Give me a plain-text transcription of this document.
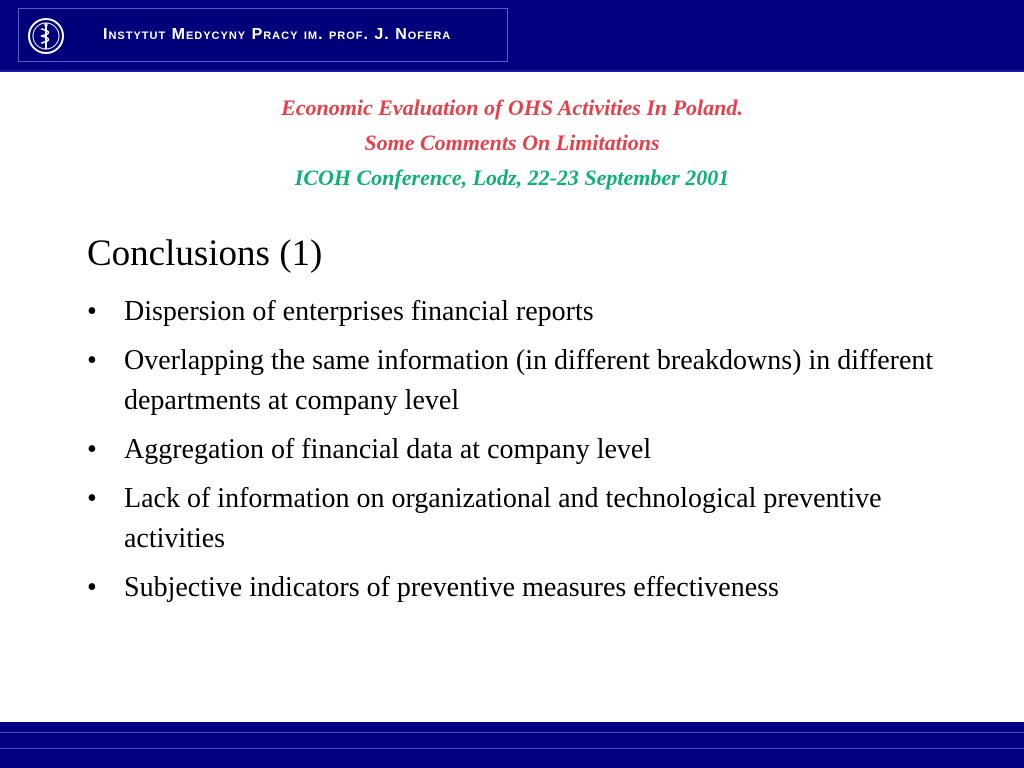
Instytut Medycyny Pracy im. prof. J. Nofera
Economic Evaluation of OHS Activities In Poland.
Some Comments On Limitations
ICOH Conference, Lodz, 22-23 September 2001
Conclusions (1)
• Dispersion of enterprises financial reports
• Overlapping the same information (in different breakdowns) in different departments at company level
• Aggregation of financial data at company level
• Lack of information on organizational and technological preventive activities
• Subjective indicators of preventive measures effectiveness
